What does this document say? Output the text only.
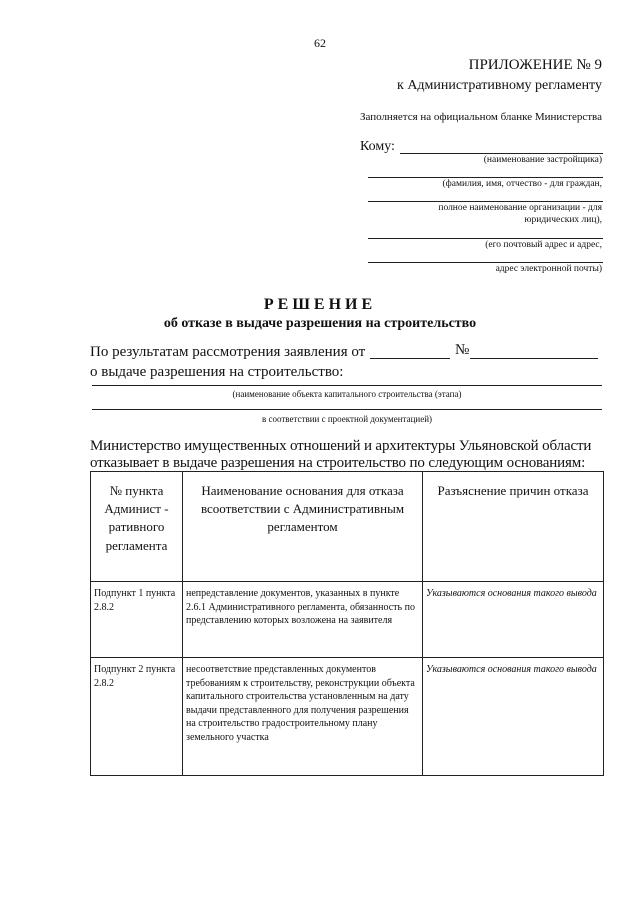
62
ПРИЛОЖЕНИЕ № 9
к Административному регламенту
Заполняется на официальном бланке Министерства
Кому:
(наименование застройщика)
(фамилия, имя, отчество - для граждан,
полное наименование организации - для
юридических лиц),
(его почтовый адрес и адрес,
адрес электронной почты)
РЕШЕНИЕ
об отказе в выдаче разрешения на строительство
По результатам рассмотрения заявления от	№
о выдаче разрешения на строительство:
(наименование объекта капитального строительства (этапа)
в соответствии с проектной документацией)
Министерство имущественных отношений и архитектуры Ульяновской области
отказывает в выдаче разрешения на строительство по следующим основаниям:
№ пункта Админист - ративного регламента	Наименование основания для отказа всоответствии с Административным регламентом	Разъяснение причин отказа
Подпункт 1 пункта 2.8.2	непредставление документов, указанных в пункте 2.6.1 Административного регламента, обязанность по представлению которых возложена на заявителя	Указываются основания такого вывода
Подпункт 2 пункта 2.8.2	несоответствие представленных документов требованиям к строительству, реконструкции объекта капитального строительства установленным на дату выдачи представленного для получения разрешения на строительство градостроительному плану земельного участка	Указываются основания такого вывода
